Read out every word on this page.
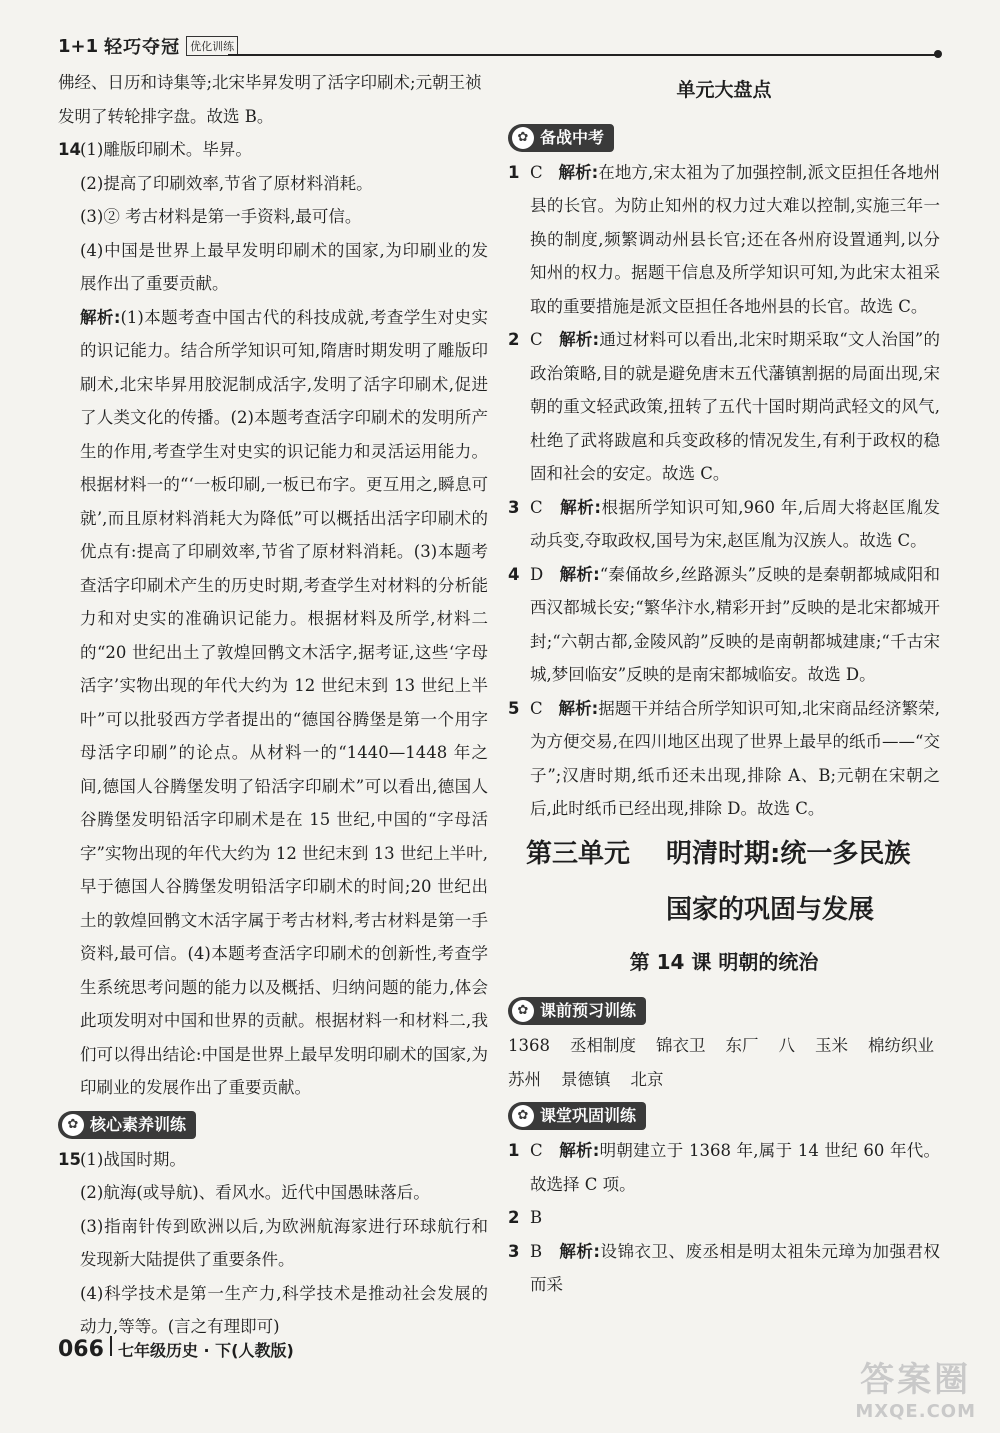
1+1 轻巧夺冠 优化训练

佛经、日历和诗集等;北宋毕昇发明了活字印刷术;元朝王祯

发明了转轮排字盘。故选 B。

14 (1)雕版印刷术。毕昇。

(2)提高了印刷效率,节省了原材料消耗。

(3)② 考古材料是第一手资料,最可信。

(4)中国是世界上最早发明印刷术的国家,为印刷业的发展作出了重要贡献。

解析:(1)本题考查中国古代的科技成就,考查学生对史实的识记能力。结合所学知识可知,隋唐时期发明了雕版印刷术,北宋毕昇用胶泥制成活字,发明了活字印刷术,促进了人类文化的传播。(2)本题考查活字印刷术的发明所产生的作用,考查学生对史实的识记能力和灵活运用能力。根据材料一的“‘一板印刷,一板已布字。更互用之,瞬息可就’,而且原材料消耗大为降低”可以概括出活字印刷术的优点有:提高了印刷效率,节省了原材料消耗。(3)本题考查活字印刷术产生的历史时期,考查学生对材料的分析能力和对史实的准确识记能力。根据材料及所学,材料二的“20 世纪出土了敦煌回鹘文木活字,据考证,这些‘字母活字’实物出现的年代大约为 12 世纪末到 13 世纪上半叶”可以批驳西方学者提出的“德国谷腾堡是第一个用字母活字印刷”的论点。从材料一的“1440—1448 年之间,德国人谷腾堡发明了铅活字印刷术”可以看出,德国人谷腾堡发明铅活字印刷术是在 15 世纪,中国的“字母活字”实物出现的年代大约为 12 世纪末到 13 世纪上半叶,早于德国人谷腾堡发明铅活字印刷术的时间;20 世纪出土的敦煌回鹘文木活字属于考古材料,考古材料是第一手资料,最可信。(4)本题考查活字印刷术的创新性,考查学生系统思考问题的能力以及概括、归纳问题的能力,体会此项发明对中国和世界的贡献。根据材料一和材料二,我们可以得出结论:中国是世界上最早发明印刷术的国家,为印刷业的发展作出了重要贡献。

✿ 核心素养训练
15 (1)战国时期。

(2)航海(或导航)、看风水。近代中国愚昧落后。

(3)指南针传到欧洲以后,为欧洲航海家进行环球航行和发现新大陆提供了重要条件。

(4)科学技术是第一生产力,科学技术是推动社会发展的动力,等等。(言之有理即可)

单元大盘点
✿ 备战中考
1 C 解析:在地方,宋太祖为了加强控制,派文臣担任各地州县的长官。为防止知州的权力过大难以控制,实施三年一换的制度,频繁调动州县长官;还在各州府设置通判,以分知州的权力。据题干信息及所学知识可知,为此宋太祖采取的重要措施是派文臣担任各地州县的长官。故选 C。

2 C 解析:通过材料可以看出,北宋时期采取“文人治国”的政治策略,目的就是避免唐末五代藩镇割据的局面出现,宋朝的重文轻武政策,扭转了五代十国时期尚武轻文的风气,杜绝了武将跋扈和兵变政移的情况发生,有利于政权的稳固和社会的安定。故选 C。

3 C 解析:根据所学知识可知,960 年,后周大将赵匡胤发动兵变,夺取政权,国号为宋,赵匡胤为汉族人。故选 C。

4 D 解析:“秦俑故乡,丝路源头”反映的是秦朝都城咸阳和西汉都城长安;“繁华汴水,精彩开封”反映的是北宋都城开封;“六朝古都,金陵风韵”反映的是南朝都城建康;“千古宋城,梦回临安”反映的是南宋都城临安。故选 D。

5 C 解析:据题干并结合所学知识可知,北宋商品经济繁荣,为方便交易,在四川地区出现了世界上最早的纸币——“交子”;汉唐时期,纸币还未出现,排除 A、B;元朝在宋朝之后,此时纸币已经出现,排除 D。故选 C。

第三单元 明清时期:统一多民族
国家的巩固与发展
第 14 课 明朝的统治
✿ 课前预习训练
1368 丞相制度 锦衣卫 东厂 八 玉米 棉纺织业
苏州 景德镇 北京
✿ 课堂巩固训练
1 C 解析:明朝建立于 1368 年,属于 14 世纪 60 年代。故选择 C 项。

2 B

3 B 解析:设锦衣卫、废丞相是明太祖朱元璋为加强君权而采

066 七年级历史 · 下(人教版)
答案圈
MXQE.COM
